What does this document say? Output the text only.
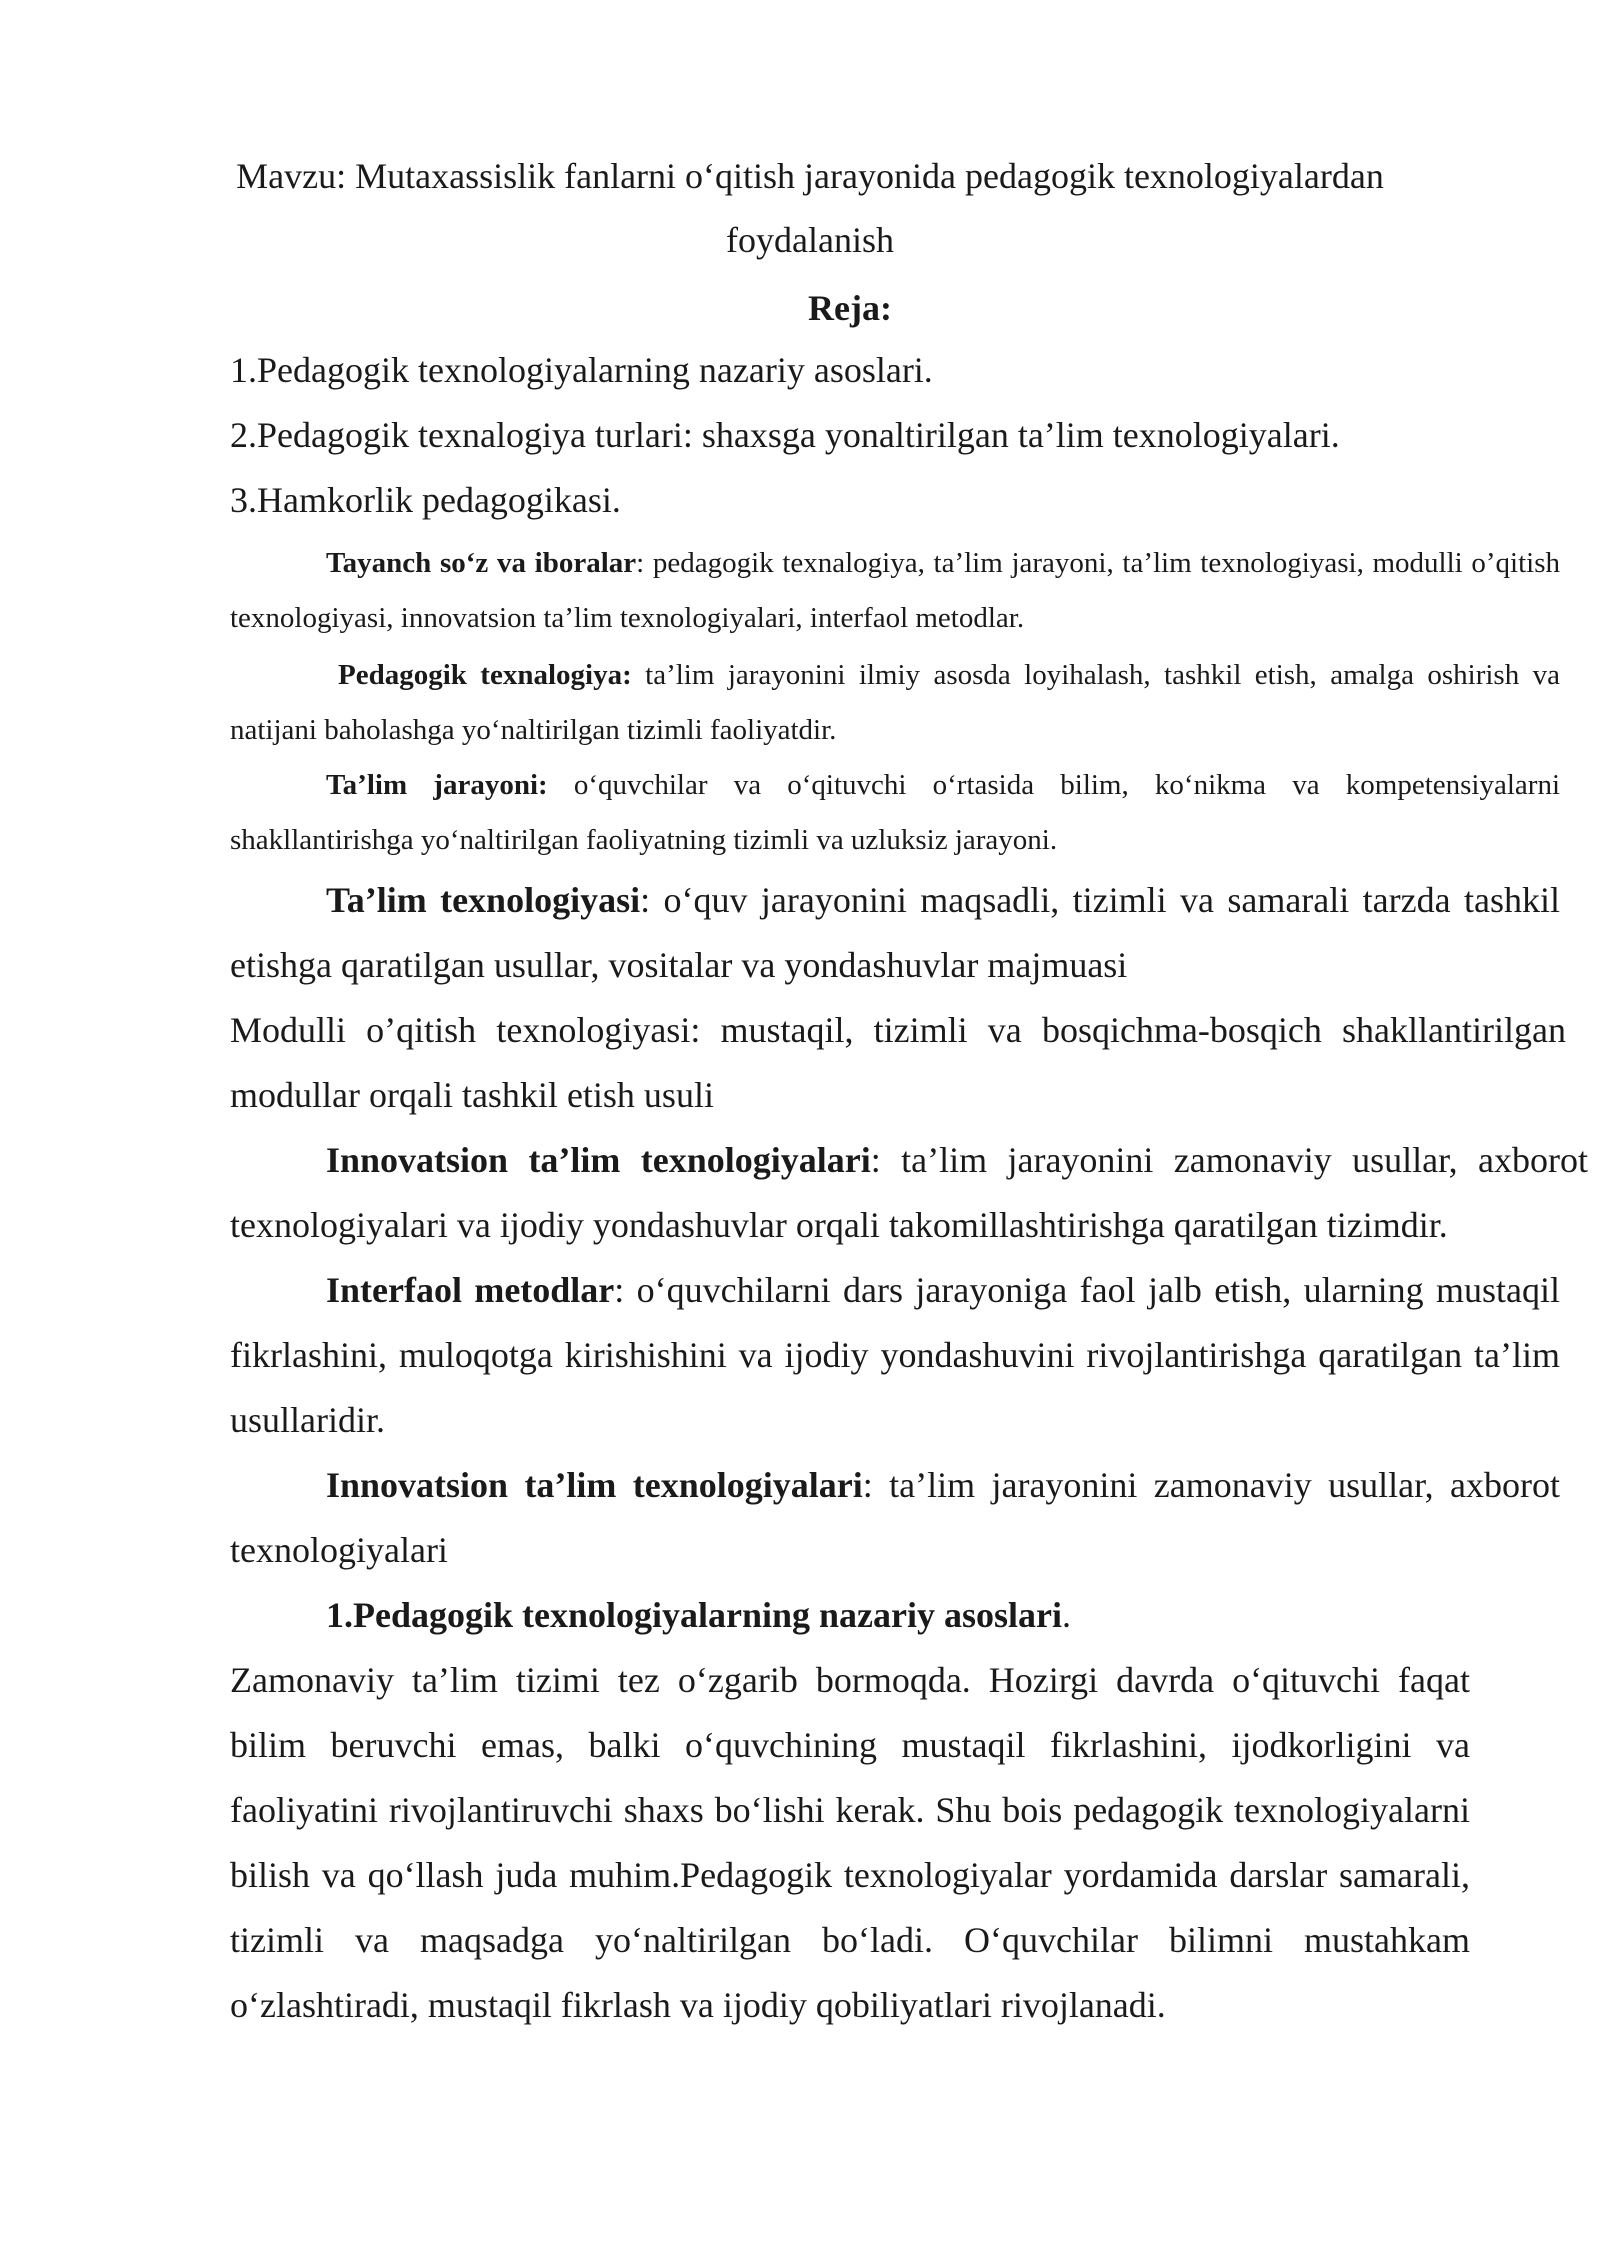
Mavzu: Mutaxassislik fanlarni o‘qitish jarayonida pedagogik texnologiyalardan
foydalanish
Reja:
1.Pedagogik texnologiyalarning nazariy asoslari.
2.Pedagogik texnalogiya turlari: shaxsga yonaltirilgan ta’lim texnologiyalari.
3.Hamkorlik pedagogikasi.
Tayanch so‘z va iboralar: pedagogik texnalogiya, ta’lim jarayoni, ta’lim texnologiyasi, modulli o’qitish texnologiyasi, innovatsion ta’lim texnologiyalari, interfaol metodlar.
Pedagogik texnalogiya: ta’lim jarayonini ilmiy asosda loyihalash, tashkil etish, amalga oshirish va natijani baholashga yo‘naltirilgan tizimli faoliyatdir.
Ta’lim jarayoni: o‘quvchilar va o‘qituvchi o‘rtasida bilim, ko‘nikma va kompetensiyalarni shakllantirishga yo‘naltirilgan faoliyatning tizimli va uzluksiz jarayoni.
Ta’lim texnologiyasi: o‘quv jarayonini maqsadli, tizimli va samarali tarzda tashkil etishga qaratilgan usullar, vositalar va yondashuvlar majmuasi
Modulli o’qitish texnologiyasi: mustaqil, tizimli va bosqichma-bosqich shakllantirilgan modullar orqali tashkil etish usuli
Innovatsion ta’lim texnologiyalari: ta’lim jarayonini zamonaviy usullar, axborot texnologiyalari va ijodiy yondashuvlar orqali takomillashtirishga qaratilgan tizimdir.
Interfaol metodlar: o‘quvchilarni dars jarayoniga faol jalb etish, ularning mustaqil fikrlashini, muloqotga kirishishini va ijodiy yondashuvini rivojlantirishga qaratilgan ta’lim usullaridir.
Innovatsion ta’lim texnologiyalari: ta’lim jarayonini zamonaviy usullar, axborot texnologiyalari
1.Pedagogik texnologiyalarning nazariy asoslari.
Zamonaviy ta’lim tizimi tez o‘zgarib bormoqda. Hozirgi davrda o‘qituvchi faqat bilim beruvchi emas, balki o‘quvchining mustaqil fikrlashini, ijodkorligini va faoliyatini rivojlantiruvchi shaxs bo‘lishi kerak. Shu bois pedagogik texnologiyalarni bilish va qo‘llash juda muhim.Pedagogik texnologiyalar yordamida darslar samarali, tizimli va maqsadga yo‘naltirilgan bo‘ladi. O‘quvchilar bilimni mustahkam o‘zlashtiradi, mustaqil fikrlash va ijodiy qobiliyatlari rivojlanadi.
